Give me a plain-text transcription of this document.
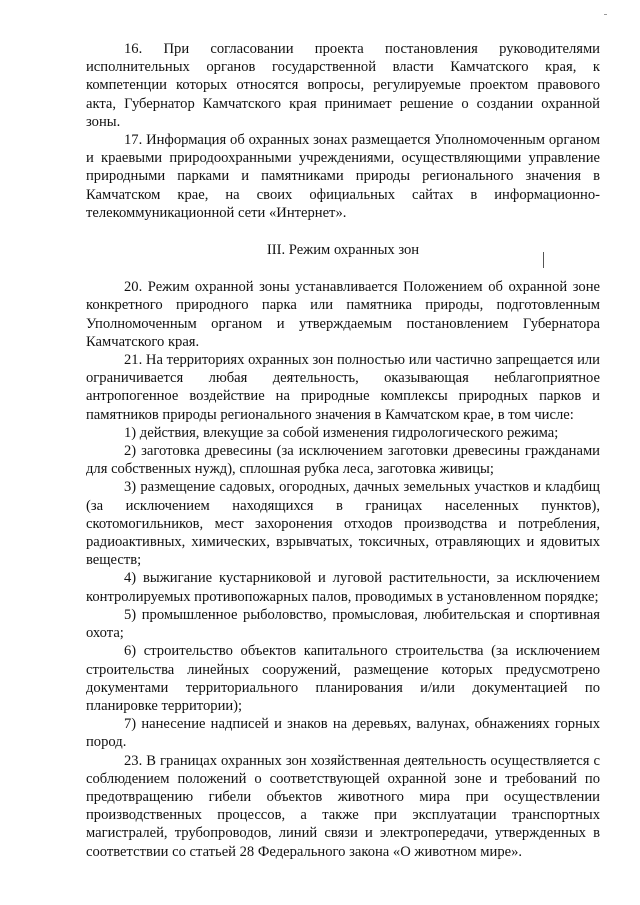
16. При согласовании проекта постановления руководителями исполнительных органов государственной власти Камчатского края, к компетенции которых относятся вопросы, регулируемые проектом правового акта, Губернатор Камчатского края принимает решение о создании охранной зоны.

17. Информация об охранных зонах размещается Уполномоченным органом и краевыми природоохранными учреждениями, осуществляющими управление природными парками и памятниками природы регионального значения в Камчатском крае, на своих официальных сайтах в информационно-телекоммуникационной сети «Интернет».

III. Режим охранных зон

20. Режим охранной зоны устанавливается Положением об охранной зоне конкретного природного парка или памятника природы, подготовленным Уполномоченным органом и утверждаемым постановлением Губернатора Камчатского края.

21. На территориях охранных зон полностью или частично запрещается или ограничивается любая деятельность, оказывающая неблагоприятное антропогенное воздействие на природные комплексы природных парков и памятников природы регионального значения в Камчатском крае, в том числе:

1) действия, влекущие за собой изменения гидрологического режима;

2) заготовка древесины (за исключением заготовки древесины гражданами для собственных нужд), сплошная рубка леса, заготовка живицы;

3) размещение садовых, огородных, дачных земельных участков и кладбищ (за исключением находящихся в границах населенных пунктов), скотомогильников, мест захоронения отходов производства и потребления, радиоактивных, химических, взрывчатых, токсичных, отравляющих и ядовитых веществ;

4) выжигание кустарниковой и луговой растительности, за исключением контролируемых противопожарных палов, проводимых в установленном порядке;

5) промышленное рыболовство, промысловая, любительская и спортивная охота;

6) строительство объектов капитального строительства (за исключением строительства линейных сооружений, размещение которых предусмотрено документами территориального планирования и/или документацией по планировке территории);

7) нанесение надписей и знаков на деревьях, валунах, обнажениях горных пород.

23. В границах охранных зон хозяйственная деятельность осуществляется с соблюдением положений о соответствующей охранной зоне и требований по предотвращению гибели объектов животного мира при осуществлении производственных процессов, а также при эксплуатации транспортных магистралей, трубопроводов, линий связи и электропередачи, утвержденных в соответствии со статьей 28 Федерального закона «О животном мире».
